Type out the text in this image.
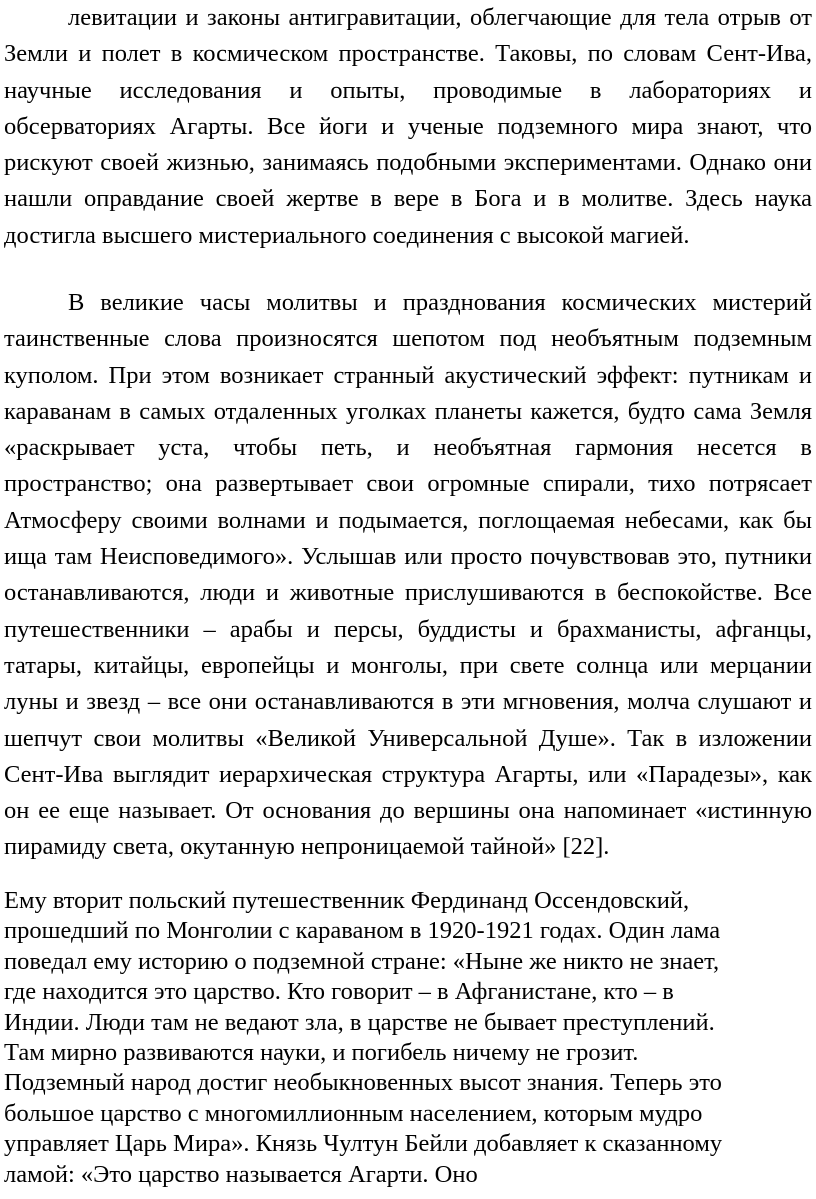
левитации и законы антигравитации, облегчающие для тела отрыв от Земли и полет в космическом пространстве. Таковы, по словам Сент-Ива, научные исследования и опыты, проводимые в лабораториях и обсерваториях Агарты. Все йоги и ученые подземного мира знают, что рискуют своей жизнью, занимаясь подобными экспериментами. Однако они нашли оправдание своей жертве в вере в Бога и в молитве. Здесь наука достигла высшего мистериального соединения с высокой магией.

В великие часы молитвы и празднования космических мистерий таинственные слова произносятся шепотом под необъятным подземным куполом. При этом возникает странный акустический эффект: путникам и караванам в самых отдаленных уголках планеты кажется, будто сама Земля «раскрывает уста, чтобы петь, и необъятная гармония несется в пространство; она развертывает свои огромные спирали, тихо потрясает Атмосферу своими волнами и подымается, поглощаемая небесами, как бы ища там Неисповедимого». Услышав или просто почувствовав это, путники останавливаются, люди и животные прислушиваются в беспокойстве. Все путешественники – арабы и персы, буддисты и брахманисты, афганцы, татары, китайцы, европейцы и монголы, при свете солнца или мерцании луны и звезд – все они останавливаются в эти мгновения, молча слушают и шепчут свои молитвы «Великой Универсальной Душе». Так в изложении Сент-Ива выглядит иерархическая структура Агарты, или «Парадезы», как он ее еще называет. От основания до вершины она напоминает «истинную пирамиду света, окутанную непроницаемой тайной» [22].

Ему вторит польский путешественник Фердинанд Оссендовский,
прошедший по Монголии с караваном в 1920-1921 годах. Один лама
поведал ему историю о подземной стране: «Ныне же никто не знает,
где находится это царство. Кто говорит – в Афганистане, кто – в
Индии. Люди там не ведают зла, в царстве не бывает преступлений.
Там мирно развиваются науки, и погибель ничему не грозит.
Подземный народ достиг необыкновенных высот знания. Теперь это
большое царство с многомиллионным населением, которым мудро
управляет Царь Мира». Князь Чултун Бейли добавляет к сказанному
ламой: «Это царство называется Агарти. Оно
